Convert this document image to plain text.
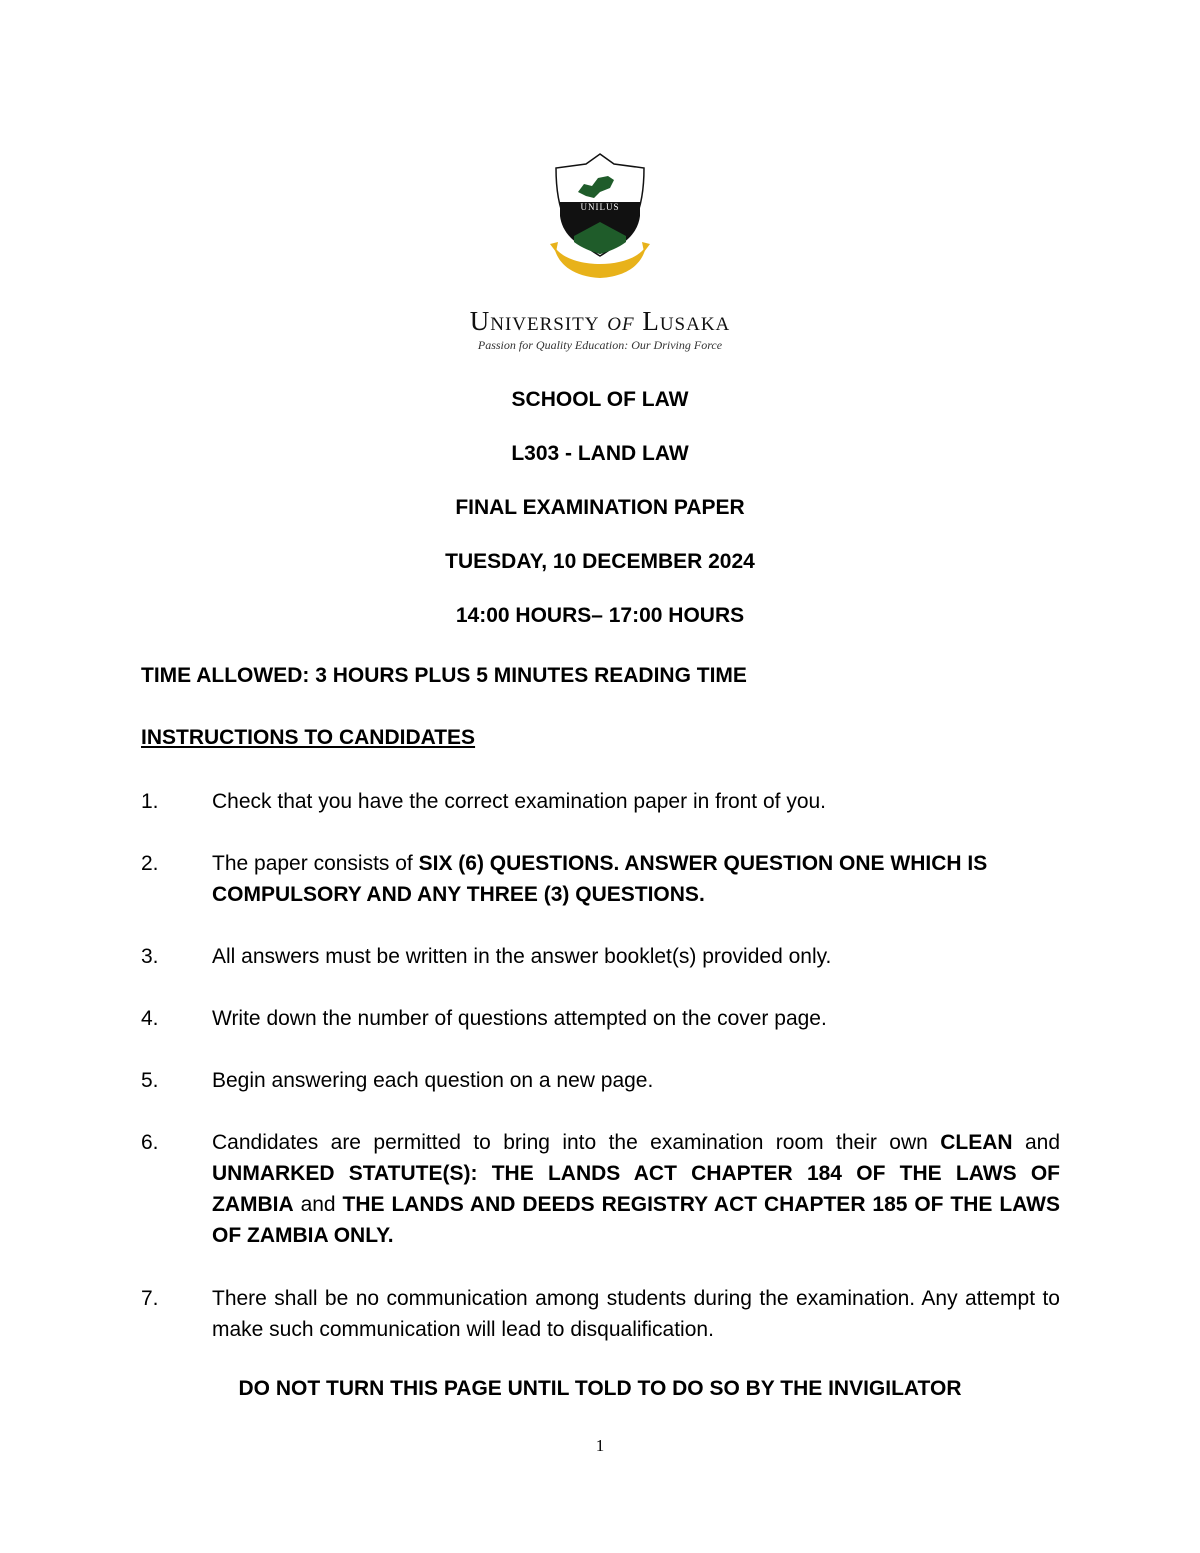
UNILUS
University of Lusaka
Passion for Quality Education: Our Driving Force
SCHOOL OF LAW
L303 - LAND LAW
FINAL EXAMINATION PAPER
TUESDAY, 10 DECEMBER 2024
14:00 HOURS– 17:00 HOURS
TIME ALLOWED: 3 HOURS PLUS 5 MINUTES READING TIME
INSTRUCTIONS TO CANDIDATES
1.	Check that you have the correct examination paper in front of you.
2.	The paper consists of SIX (6) QUESTIONS. ANSWER QUESTION ONE WHICH IS COMPULSORY AND ANY THREE (3) QUESTIONS.
3.	All answers must be written in the answer booklet(s) provided only.
4.	Write down the number of questions attempted on the cover page.
5.	Begin answering each question on a new page.
6.	Candidates are permitted to bring into the examination room their own CLEAN and UNMARKED STATUTE(S): THE LANDS ACT CHAPTER 184 OF THE LAWS OF ZAMBIA and THE LANDS AND DEEDS REGISTRY ACT CHAPTER 185 OF THE LAWS OF ZAMBIA ONLY.
7.	There shall be no communication among students during the examination. Any attempt to make such communication will lead to disqualification.
DO NOT TURN THIS PAGE UNTIL TOLD TO DO SO BY THE INVIGILATOR
1
